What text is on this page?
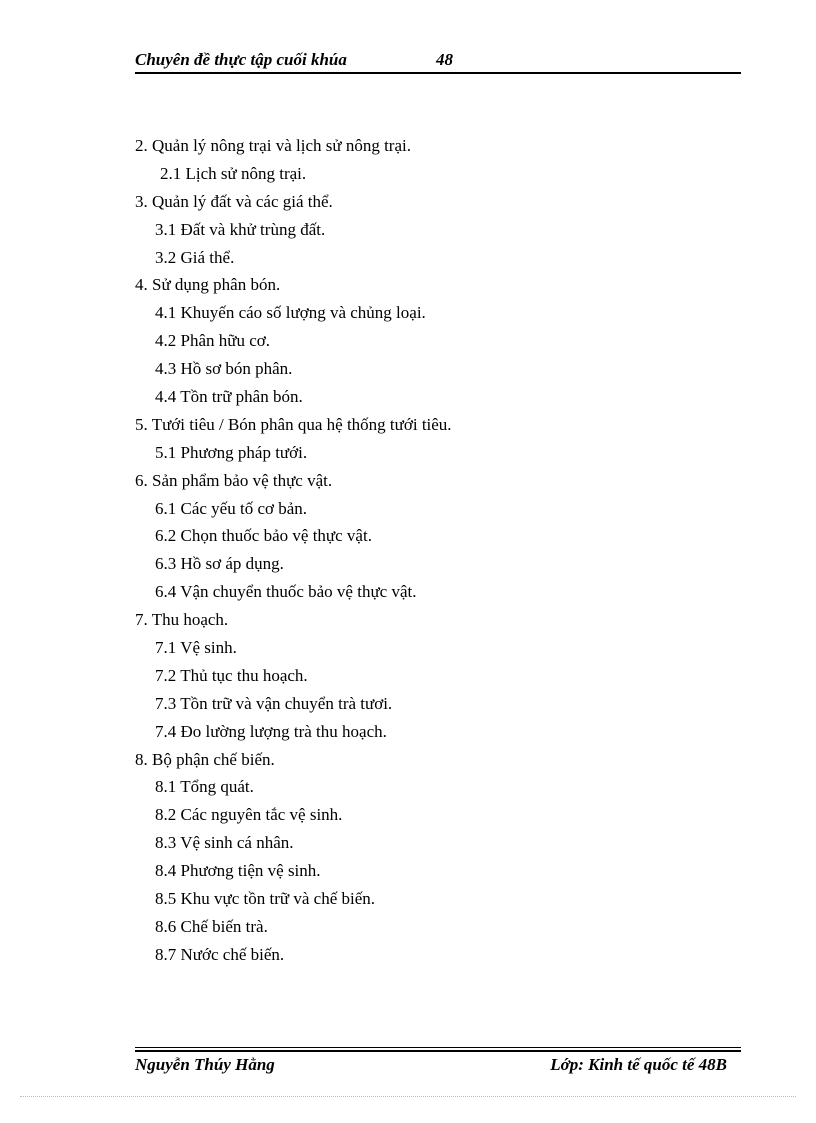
Chuyên đề thực tập cuối khúa	48
2. Quản lý nông trại và lịch sử nông trại.
2.1 Lịch sử nông trại.
3. Quản lý đất và các giá thể.
3.1 Đất và khử trùng đất.
3.2 Giá thể.
4. Sử dụng phân bón.
4.1 Khuyến cáo số lượng và chủng loại.
4.2 Phân hữu cơ.
4.3 Hồ sơ bón phân.
4.4 Tồn trữ phân bón.
5. Tưới tiêu / Bón phân qua hệ thống tưới tiêu.
5.1 Phương pháp tưới.
6. Sản phẩm bảo vệ thực vật.
6.1 Các yếu tố cơ bản.
6.2 Chọn thuốc bảo vệ thực vật.
6.3 Hồ sơ áp dụng.
6.4 Vận chuyển thuốc bảo vệ thực vật.
7. Thu hoạch.
7.1 Vệ sinh.
7.2 Thủ tục thu hoạch.
7.3 Tồn trữ và vận chuyển trà tươi.
7.4 Đo lường lượng trà thu hoạch.
8. Bộ phận chế biến.
8.1 Tổng quát.
8.2 Các nguyên tắc vệ sinh.
8.3 Vệ sinh cá nhân.
8.4 Phương tiện vệ sinh.
8.5 Khu vực tồn trữ và chế biến.
8.6 Chế biến trà.
8.7 Nước chế biến.
Nguyễn Thúy Hằng	Lớp: Kinh tế quốc tế 48B
